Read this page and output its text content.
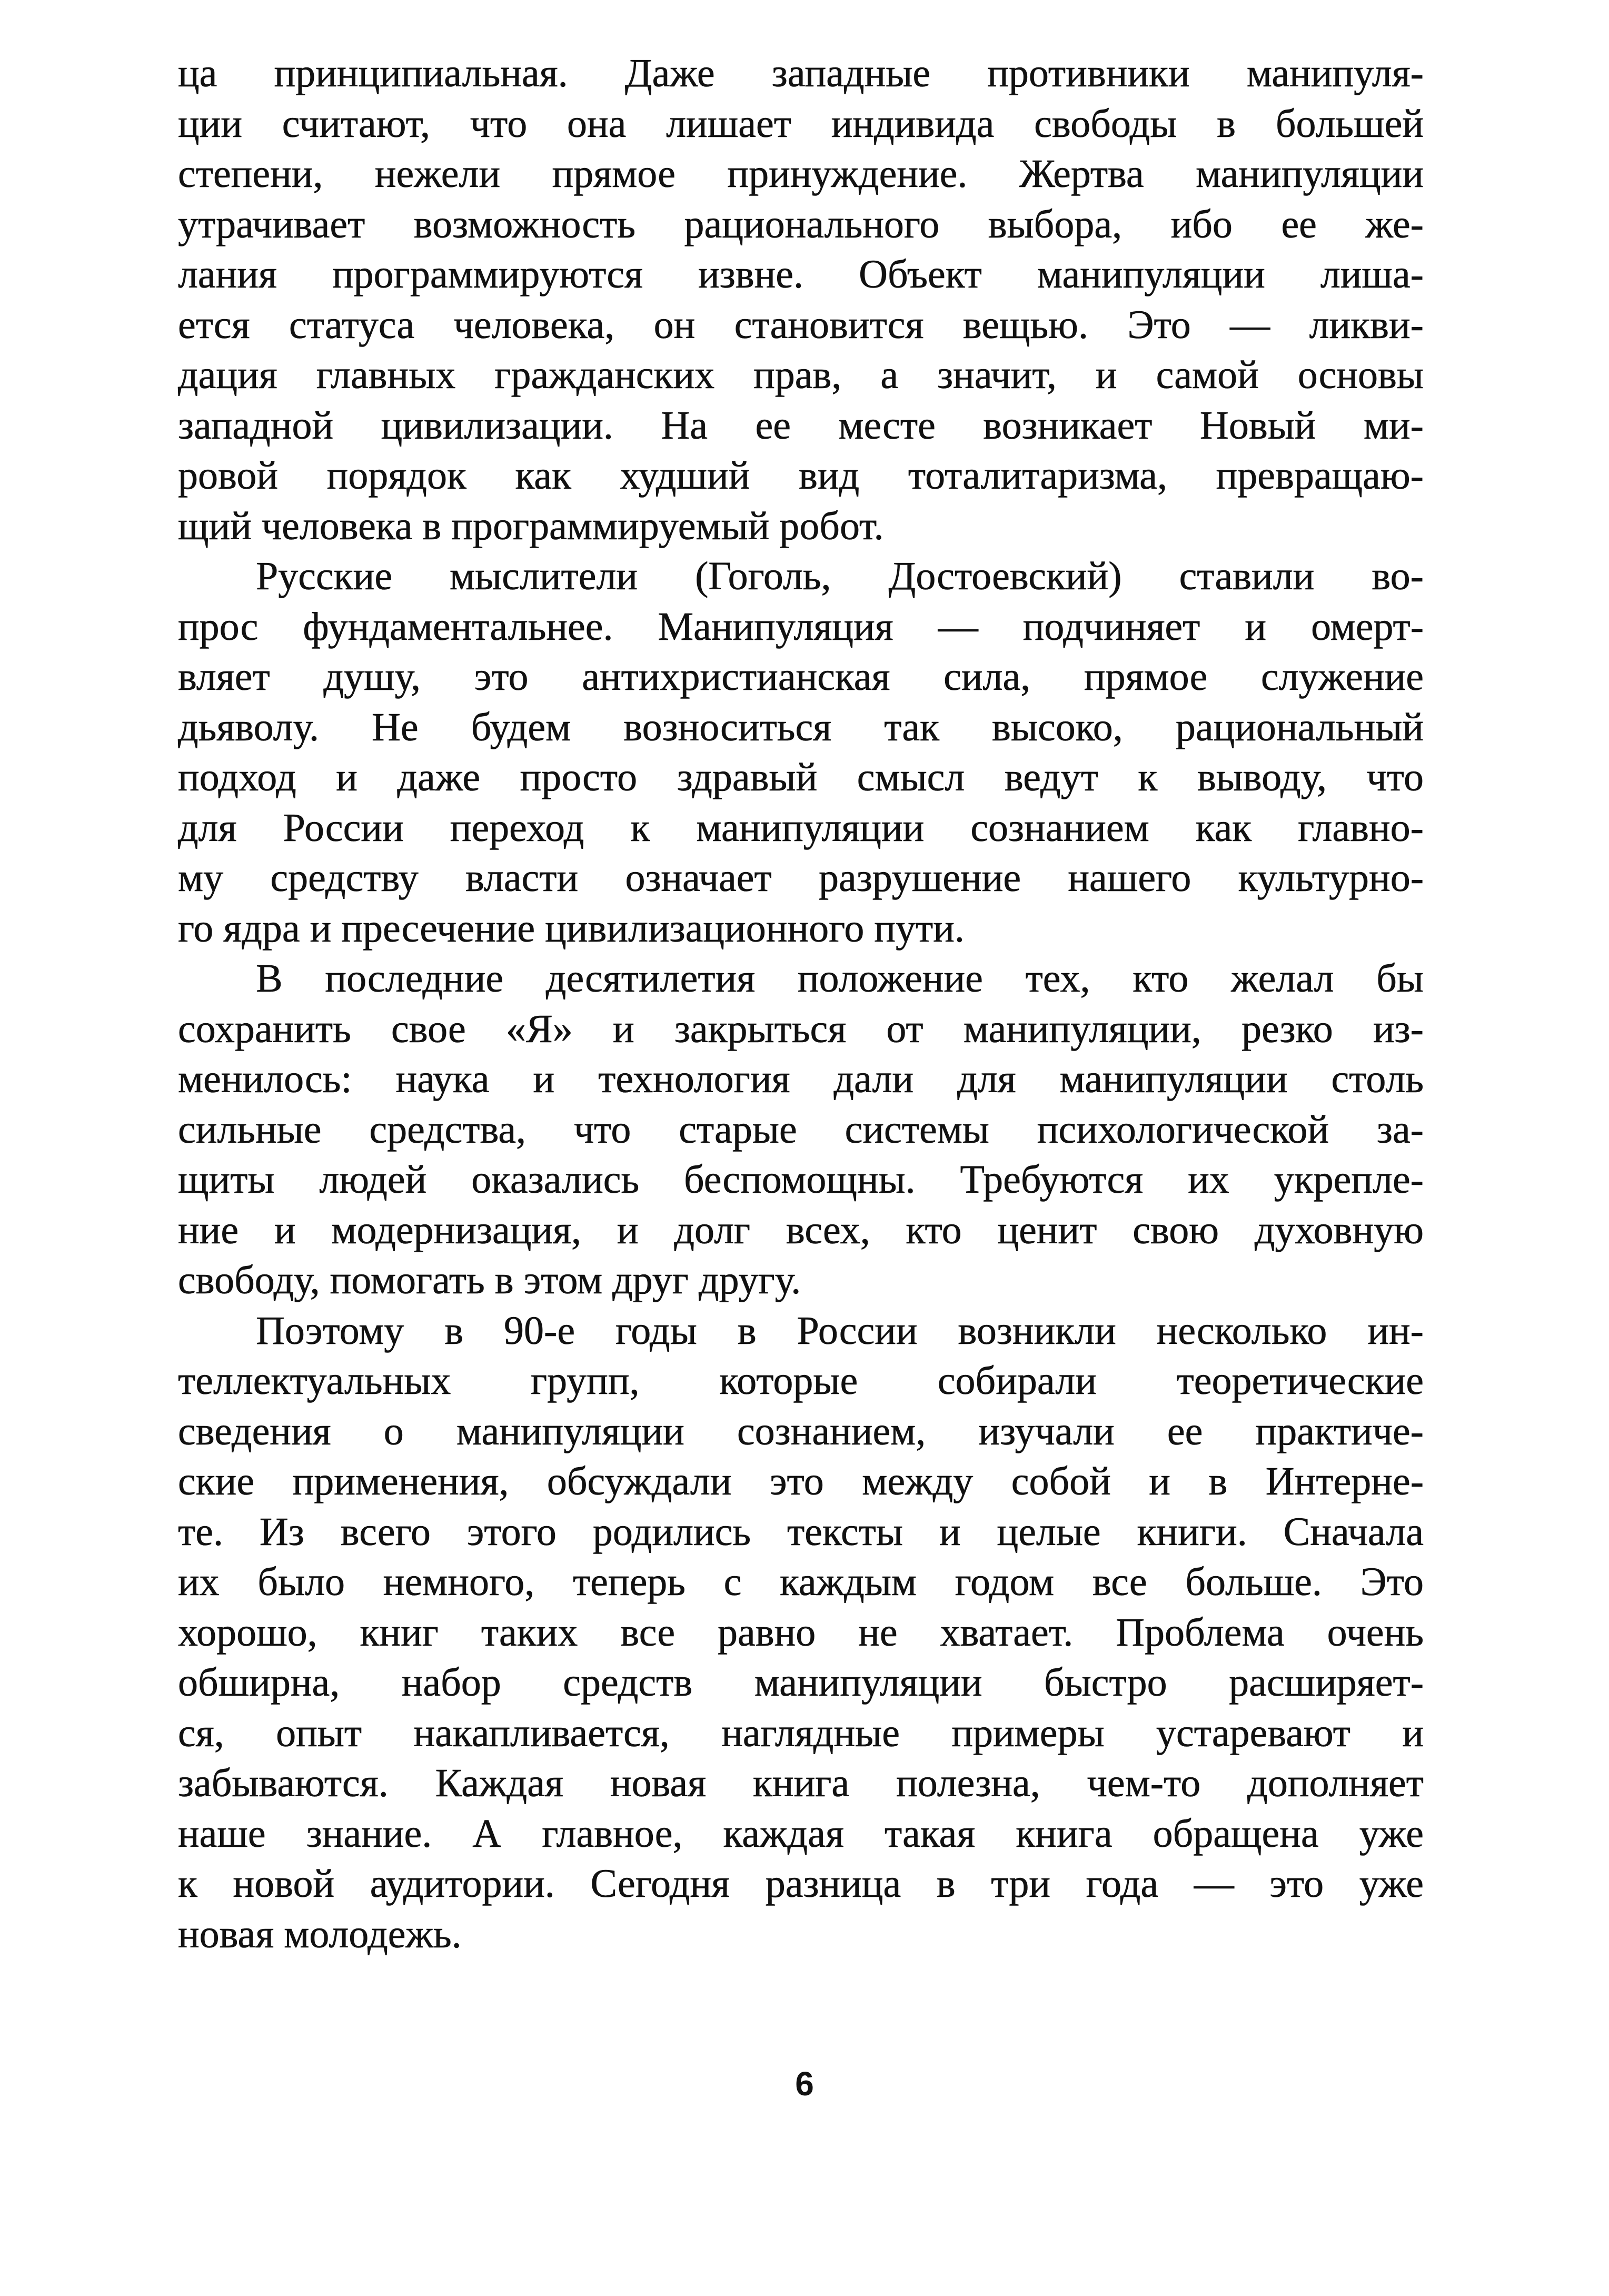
ца принципиальная. Даже западные противники манипуля-
ции считают, что она лишает индивида свободы в большей
степени, нежели прямое принуждение. Жертва манипуляции
утрачивает возможность рационального выбора, ибо ее же-
лания программируются извне. Объект манипуляции лиша-
ется статуса человека, он становится вещью. Это — ликви-
дация главных гражданских прав, а значит, и самой основы
западной цивилизации. На ее месте возникает Новый ми-
ровой порядок как худший вид тоталитаризма, превращаю-
щий человека в программируемый робот.
Русские мыслители (Гоголь, Достоевский) ставили во-
прос фундаментальнее. Манипуляция — подчиняет и омерт-
вляет душу, это антихристианская сила, прямое служение
дьяволу. Не будем возноситься так высоко, рациональный
подход и даже просто здравый смысл ведут к выводу, что
для России переход к манипуляции сознанием как главно-
му средству власти означает разрушение нашего культурно-
го ядра и пресечение цивилизационного пути.
В последние десятилетия положение тех, кто желал бы
сохранить свое «Я» и закрыться от манипуляции, резко из-
менилось: наука и технология дали для манипуляции столь
сильные средства, что старые системы психологической за-
щиты людей оказались беспомощны. Требуются их укрепле-
ние и модернизация, и долг всех, кто ценит свою духовную
свободу, помогать в этом друг другу.
Поэтому в 90-е годы в России возникли несколько ин-
теллектуальных групп, которые собирали теоретические
сведения о манипуляции сознанием, изучали ее практиче-
ские применения, обсуждали это между собой и в Интерне-
те. Из всего этого родились тексты и целые книги. Сначала
их было немного, теперь с каждым годом все больше. Это
хорошо, книг таких все равно не хватает. Проблема очень
обширна, набор средств манипуляции быстро расширяет-
ся, опыт накапливается, наглядные примеры устаревают и
забываются. Каждая новая книга полезна, чем-то дополняет
наше знание. А главное, каждая такая книга обращена уже
к новой аудитории. Сегодня разница в три года — это уже
новая молодежь.
6
